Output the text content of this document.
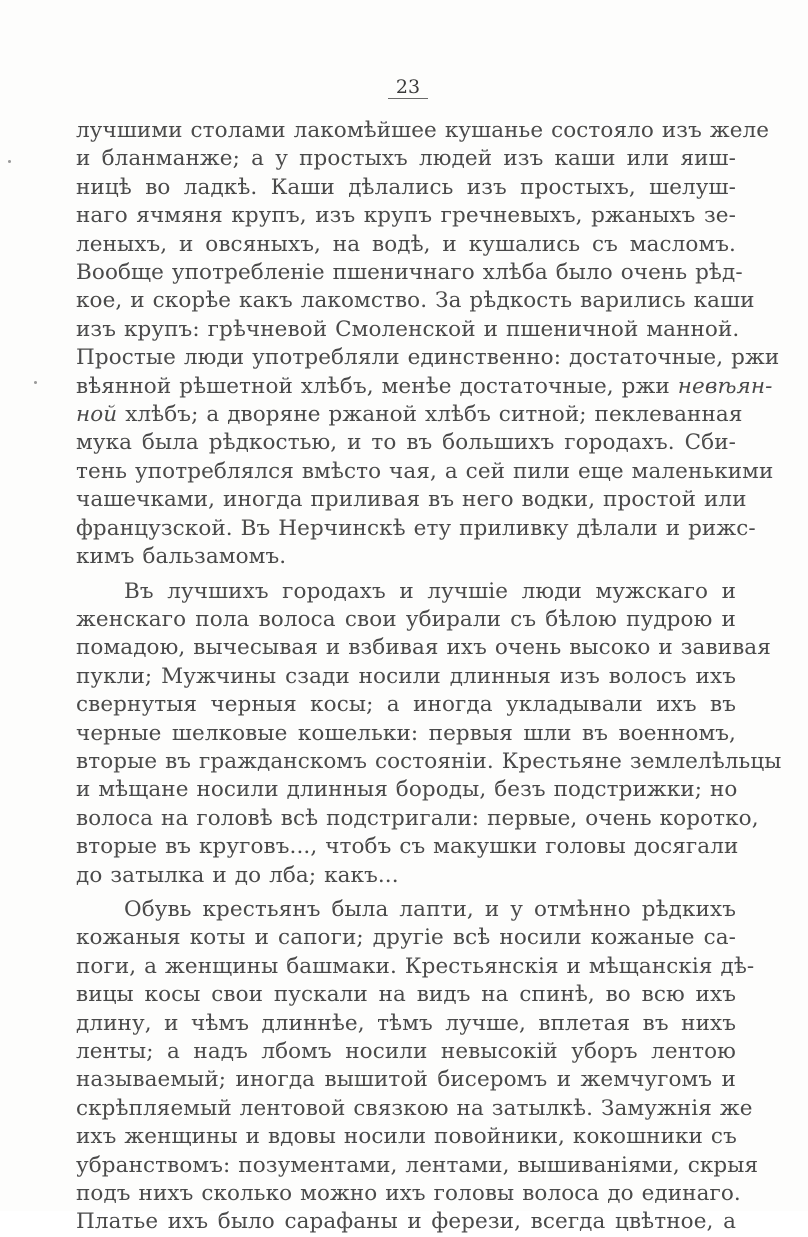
23
лучшими столами лакомѣйшее кушанье состояло изъ желе
и бланманже; а у простыхъ людей изъ каши или яиш-
ницѣ во ладкѣ. Каши дѣлались изъ простыхъ, шелуш-
наго ячмяня крупъ, изъ крупъ гречневыхъ, ржаныхъ зе-
леныхъ, и овсяныхъ, на водѣ, и кушались съ масломъ.
Вообще употребленіе пшеничнаго хлѣба было очень рѣд-
кое, и скорѣе какъ лакомство. За рѣдкость варились каши
изъ крупъ: грѣчневой Смоленской и пшеничной манной.
Простые люди употребляли единственно: достаточные, ржи
вѣянной рѣшетной хлѣбъ, менѣе достаточные, ржи невѣян-
ной хлѣбъ; а дворяне ржаной хлѣбъ ситной; пеклеванная
мука была рѣдкостью, и то въ большихъ городахъ. Сби-
тень употреблялся вмѣсто чая, а сей пили еще маленькими
чашечками, иногда приливая въ него водки, простой или
французской. Въ Нерчинскѣ ету приливку дѣлали и рижс-
кимъ бальзамомъ.
Въ лучшихъ городахъ и лучшіе люди мужскаго и
женскаго пола волоса свои убирали съ бѣлою пудрою и
помадою, вычесывая и взбивая ихъ очень высоко и завивая
пукли; Мужчины сзади носили длинныя изъ волосъ ихъ
свернутыя черныя косы; а иногда укладывали ихъ въ
черные шелковые кошельки: первыя шли въ военномъ,
вторые въ гражданскомъ состояніи. Крестьяне землелѣльцы
и мѣщане носили длинныя бороды, безъ подстрижки; но
волоса на головѣ всѣ подстригали: первые, очень коротко,
вторые въ круговъ..., чтобъ съ макушки головы досягали
до затылка и до лба; какъ...
Обувь крестьянъ была лапти, и у отмѣнно рѣдкихъ
кожаныя коты и сапоги; другіе всѣ носили кожаные са-
поги, а женщины башмаки. Крестьянскія и мѣщанскія дѣ-
вицы косы свои пускали на видъ на спинѣ, во всю ихъ
длину, и чѣмъ длиннѣе, тѣмъ лучше, вплетая въ нихъ
ленты; а надъ лбомъ носили невысокій уборъ лентою
называемый; иногда вышитой бисеромъ и жемчугомъ и
скрѣпляемый лентовой связкою на затылкѣ. Замужнія же
ихъ женщины и вдовы носили повойники, кокошники съ
убранствомъ: позументами, лентами, вышиваніями, скрыя
подъ нихъ сколько можно ихъ головы волоса до единаго.
Платье ихъ было сарафаны и ферези, всегда цвѣтное, а
